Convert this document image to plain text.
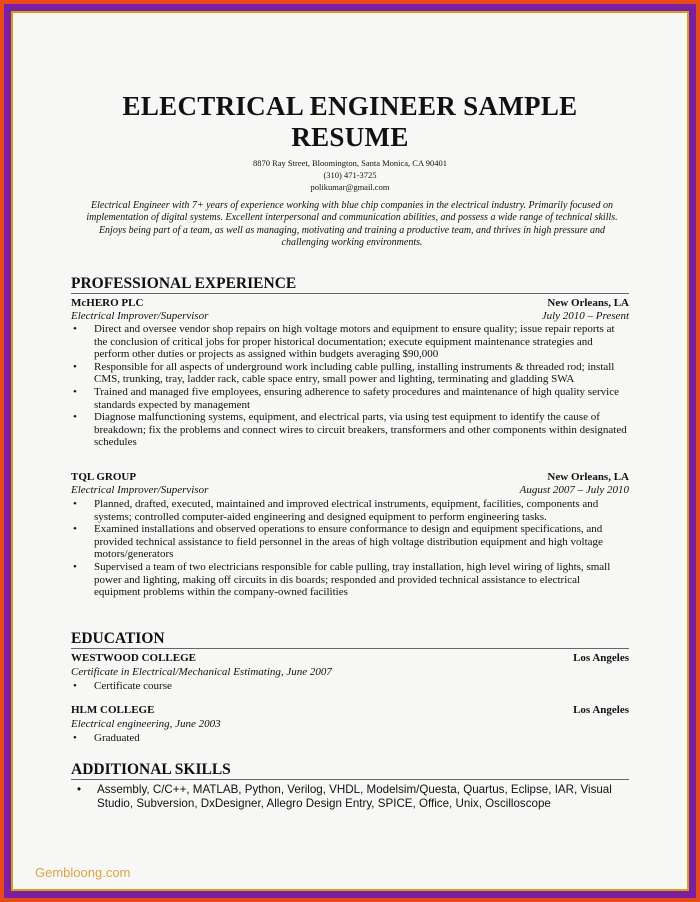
ELECTRICAL ENGINEER SAMPLE
RESUME
8870 Ray Street, Bloomington, Santa Monica, CA 90401
(310) 471-3725
polikumar@gmail.com
Electrical Engineer with 7+ years of experience working with blue chip companies in the electrical industry. Primarily focused on implementation of digital systems. Excellent interpersonal and communication abilities, and possess a wide range of technical skills. Enjoys being part of a team, as well as managing, motivating and training a productive team, and thrives in high pressure and challenging working environments.
PROFESSIONAL EXPERIENCE
McHERO PLC	New Orleans, LA
Electrical Improver/Supervisor	July 2010 – Present
• Direct and oversee vendor shop repairs on high voltage motors and equipment to ensure quality; issue repair reports at the conclusion of critical jobs for proper historical documentation; execute equipment maintenance strategies and perform other duties or projects as assigned within budgets averaging $90,000
• Responsible for all aspects of underground work including cable pulling, installing instruments & threaded rod; install CMS, trunking, tray, ladder rack, cable space entry, small power and lighting, terminating and gladding SWA
• Trained and managed five employees, ensuring adherence to safety procedures and maintenance of high quality service standards expected by management
• Diagnose malfunctioning systems, equipment, and electrical parts, via using test equipment to identify the cause of breakdown; fix the problems and connect wires to circuit breakers, transformers and other components within designated schedules
TQL GROUP	New Orleans, LA
Electrical Improver/Supervisor	August 2007 – July 2010
• Planned, drafted, executed, maintained and improved electrical instruments, equipment, facilities, components and systems; controlled computer-aided engineering and designed equipment to perform engineering tasks.
• Examined installations and observed operations to ensure conformance to design and equipment specifications, and provided technical assistance to field personnel in the areas of high voltage distribution equipment and high voltage motors/generators
• Supervised a team of two electricians responsible for cable pulling, tray installation, high level wiring of lights, small power and lighting, making off circuits in dis boards; responded and provided technical assistance to electrical equipment problems within the company-owned facilities
EDUCATION
WESTWOOD COLLEGE	Los Angeles
Certificate in Electrical/Mechanical Estimating, June 2007
• Certificate course
HLM COLLEGE	Los Angeles
Electrical engineering, June 2003
• Graduated
ADDITIONAL SKILLS
• Assembly, C/C++, MATLAB, Python, Verilog, VHDL, Modelsim/Questa, Quartus, Eclipse, IAR, Visual Studio, Subversion, DxDesigner, Allegro Design Entry, SPICE, Office, Unix, Oscilloscope
Gembloong.com
